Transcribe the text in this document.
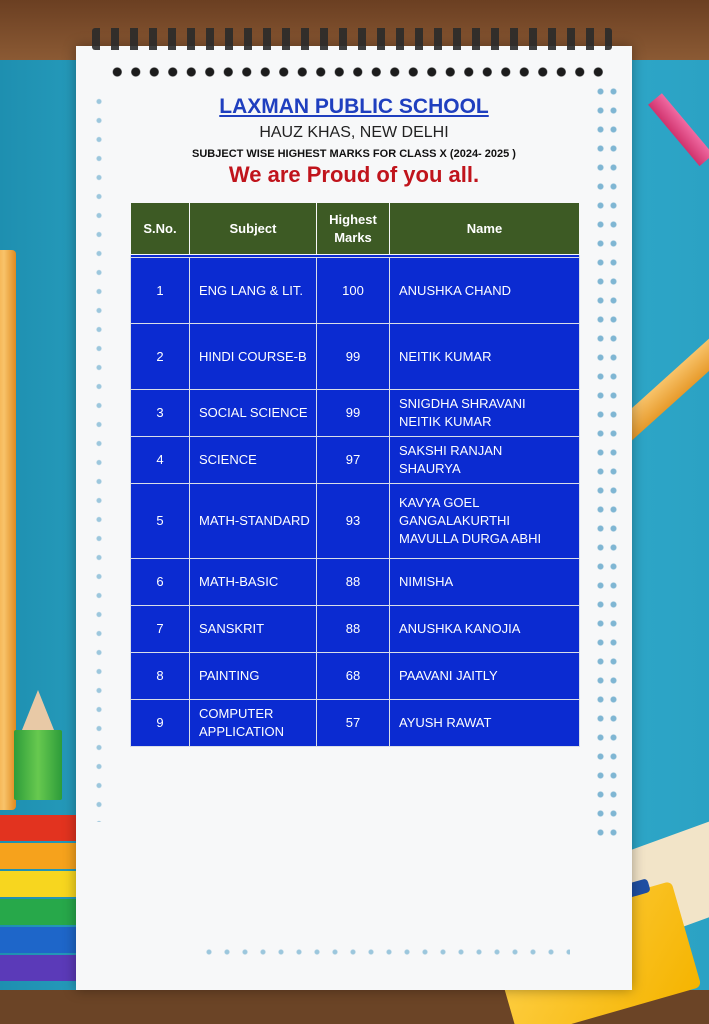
LAXMAN PUBLIC SCHOOL
HAUZ KHAS, NEW DELHI
SUBJECT WISE HIGHEST MARKS FOR CLASS X (2024- 2025 )
We are Proud of you all.
S.No.	Subject	Highest Marks	Name

1	ENG LANG & LIT.	100	ANUSHKA CHAND

2	HINDI COURSE-B	99	NEITIK KUMAR

3	SOCIAL SCIENCE	99	SNIGDHA SHRAVANI
NEITIK KUMAR

4	SCIENCE	97	SAKSHI RANJAN
SHAURYA

5	MATH-STANDARD	93	KAVYA GOEL
GANGALAKURTHI
MAVULLA DURGA ABHI

6	MATH-BASIC	88	NIMISHA

7	SANSKRIT	88	ANUSHKA KANOJIA

8	PAINTING	68	PAAVANI JAITLY

9	COMPUTER APPLICATION	57	AYUSH RAWAT
